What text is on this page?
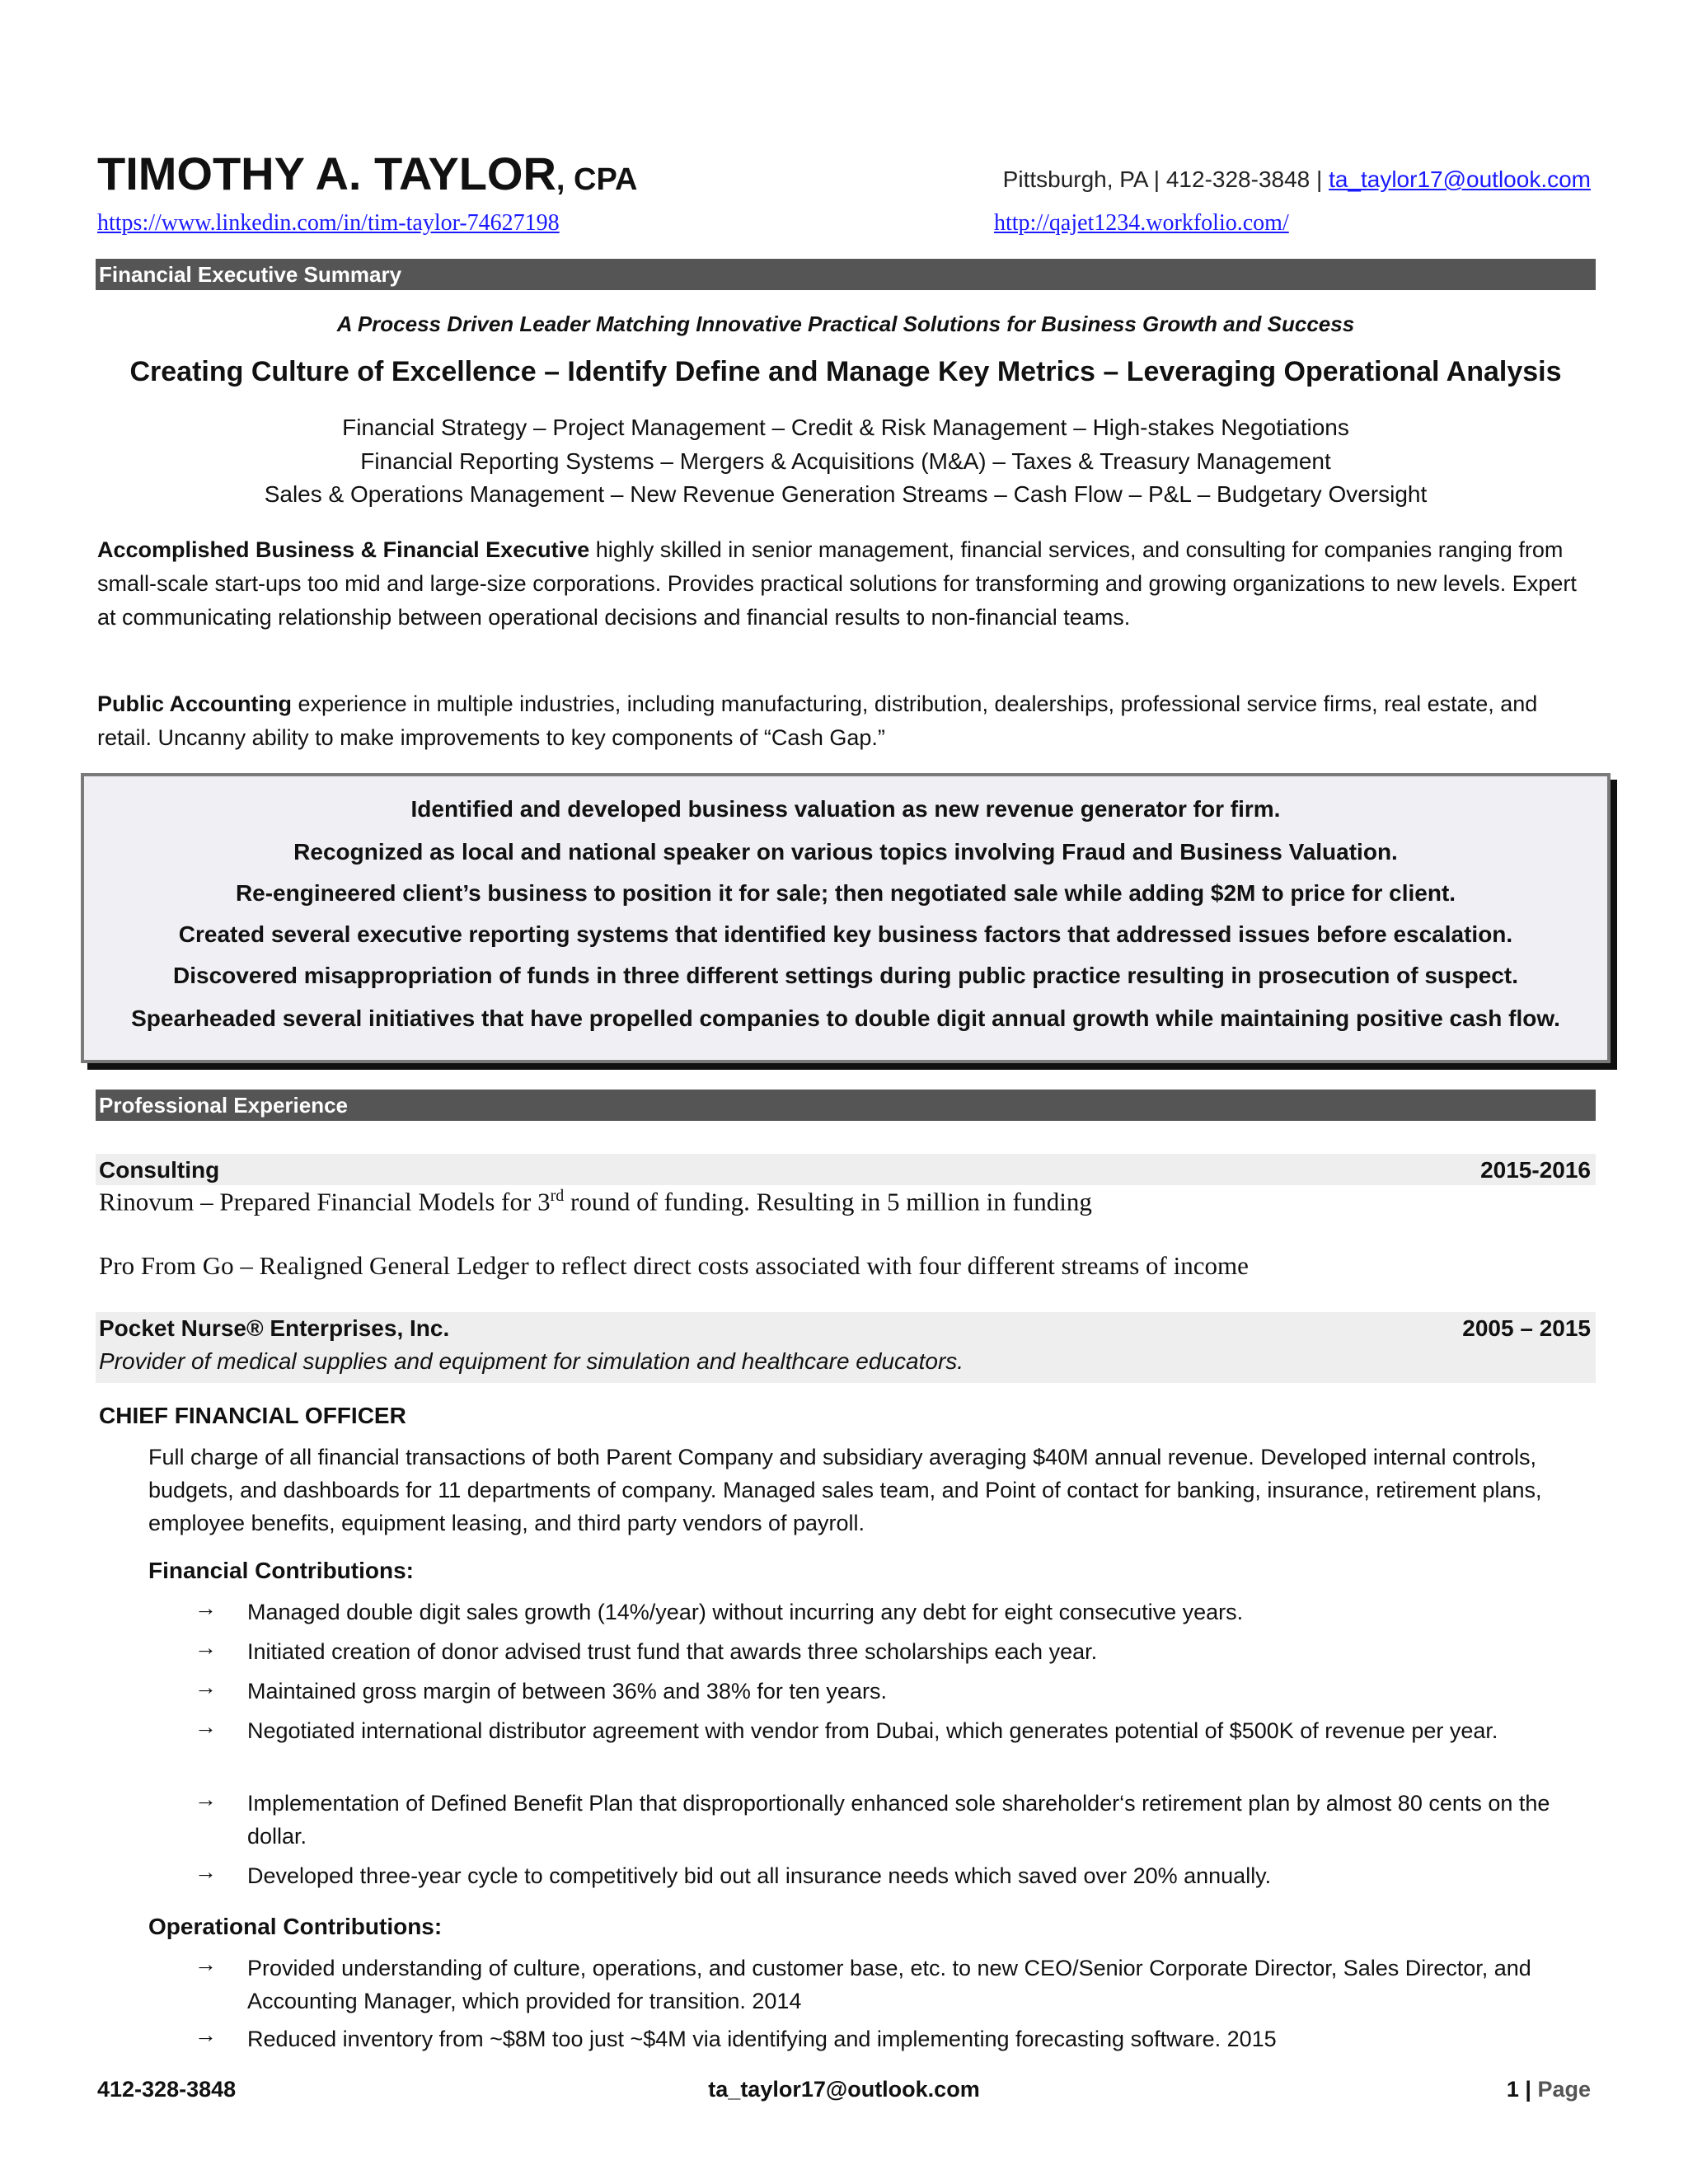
TIMOTHY A. TAYLOR, CPA	Pittsburgh, PA | 412-328-3848 | ta_taylor17@outlook.com
https://www.linkedin.com/in/tim-taylor-74627198	http://qajet1234.workfolio.com/
Financial Executive Summary
A Process Driven Leader Matching Innovative Practical Solutions for Business Growth and Success
Creating Culture of Excellence – Identify Define and Manage Key Metrics – Leveraging Operational Analysis
Financial Strategy – Project Management – Credit & Risk Management – High-stakes Negotiations
Financial Reporting Systems – Mergers & Acquisitions (M&A) – Taxes & Treasury Management
Sales & Operations Management – New Revenue Generation Streams – Cash Flow – P&L – Budgetary Oversight
Accomplished Business & Financial Executive highly skilled in senior management, financial services, and consulting for companies ranging from small-scale start-ups too mid and large-size corporations. Provides practical solutions for transforming and growing organizations to new levels. Expert at communicating relationship between operational decisions and financial results to non-financial teams.
Public Accounting experience in multiple industries, including manufacturing, distribution, dealerships, professional service firms, real estate, and retail. Uncanny ability to make improvements to key components of “Cash Gap.”
Identified and developed business valuation as new revenue generator for firm.
Recognized as local and national speaker on various topics involving Fraud and Business Valuation.
Re-engineered client’s business to position it for sale; then negotiated sale while adding $2M to price for client.
Created several executive reporting systems that identified key business factors that addressed issues before escalation.
Discovered misappropriation of funds in three different settings during public practice resulting in prosecution of suspect.
Spearheaded several initiatives that have propelled companies to double digit annual growth while maintaining positive cash flow.
Professional Experience
Consulting	2015-2016
Rinovum – Prepared Financial Models for 3rd round of funding. Resulting in 5 million in funding
Pro From Go – Realigned General Ledger to reflect direct costs associated with four different streams of income
Pocket Nurse® Enterprises, Inc.	2005 – 2015
Provider of medical supplies and equipment for simulation and healthcare educators.
CHIEF FINANCIAL OFFICER
Full charge of all financial transactions of both Parent Company and subsidiary averaging $40M annual revenue. Developed internal controls, budgets, and dashboards for 11 departments of company. Managed sales team, and Point of contact for banking, insurance, retirement plans, employee benefits, equipment leasing, and third party vendors of payroll.
Financial Contributions:
→ Managed double digit sales growth (14%/year) without incurring any debt for eight consecutive years.
→ Initiated creation of donor advised trust fund that awards three scholarships each year.
→ Maintained gross margin of between 36% and 38% for ten years.
→ Negotiated international distributor agreement with vendor from Dubai, which generates potential of $500K of revenue per year.
→ Implementation of Defined Benefit Plan that disproportionally enhanced sole shareholder‘s retirement plan by almost 80 cents on the dollar.
→ Developed three-year cycle to competitively bid out all insurance needs which saved over 20% annually.
Operational Contributions:
→ Provided understanding of culture, operations, and customer base, etc. to new CEO/Senior Corporate Director, Sales Director, and Accounting Manager, which provided for transition. 2014
→ Reduced inventory from ~$8M too just ~$4M via identifying and implementing forecasting software. 2015
412-328-3848	ta_taylor17@outlook.com	1 | Page
